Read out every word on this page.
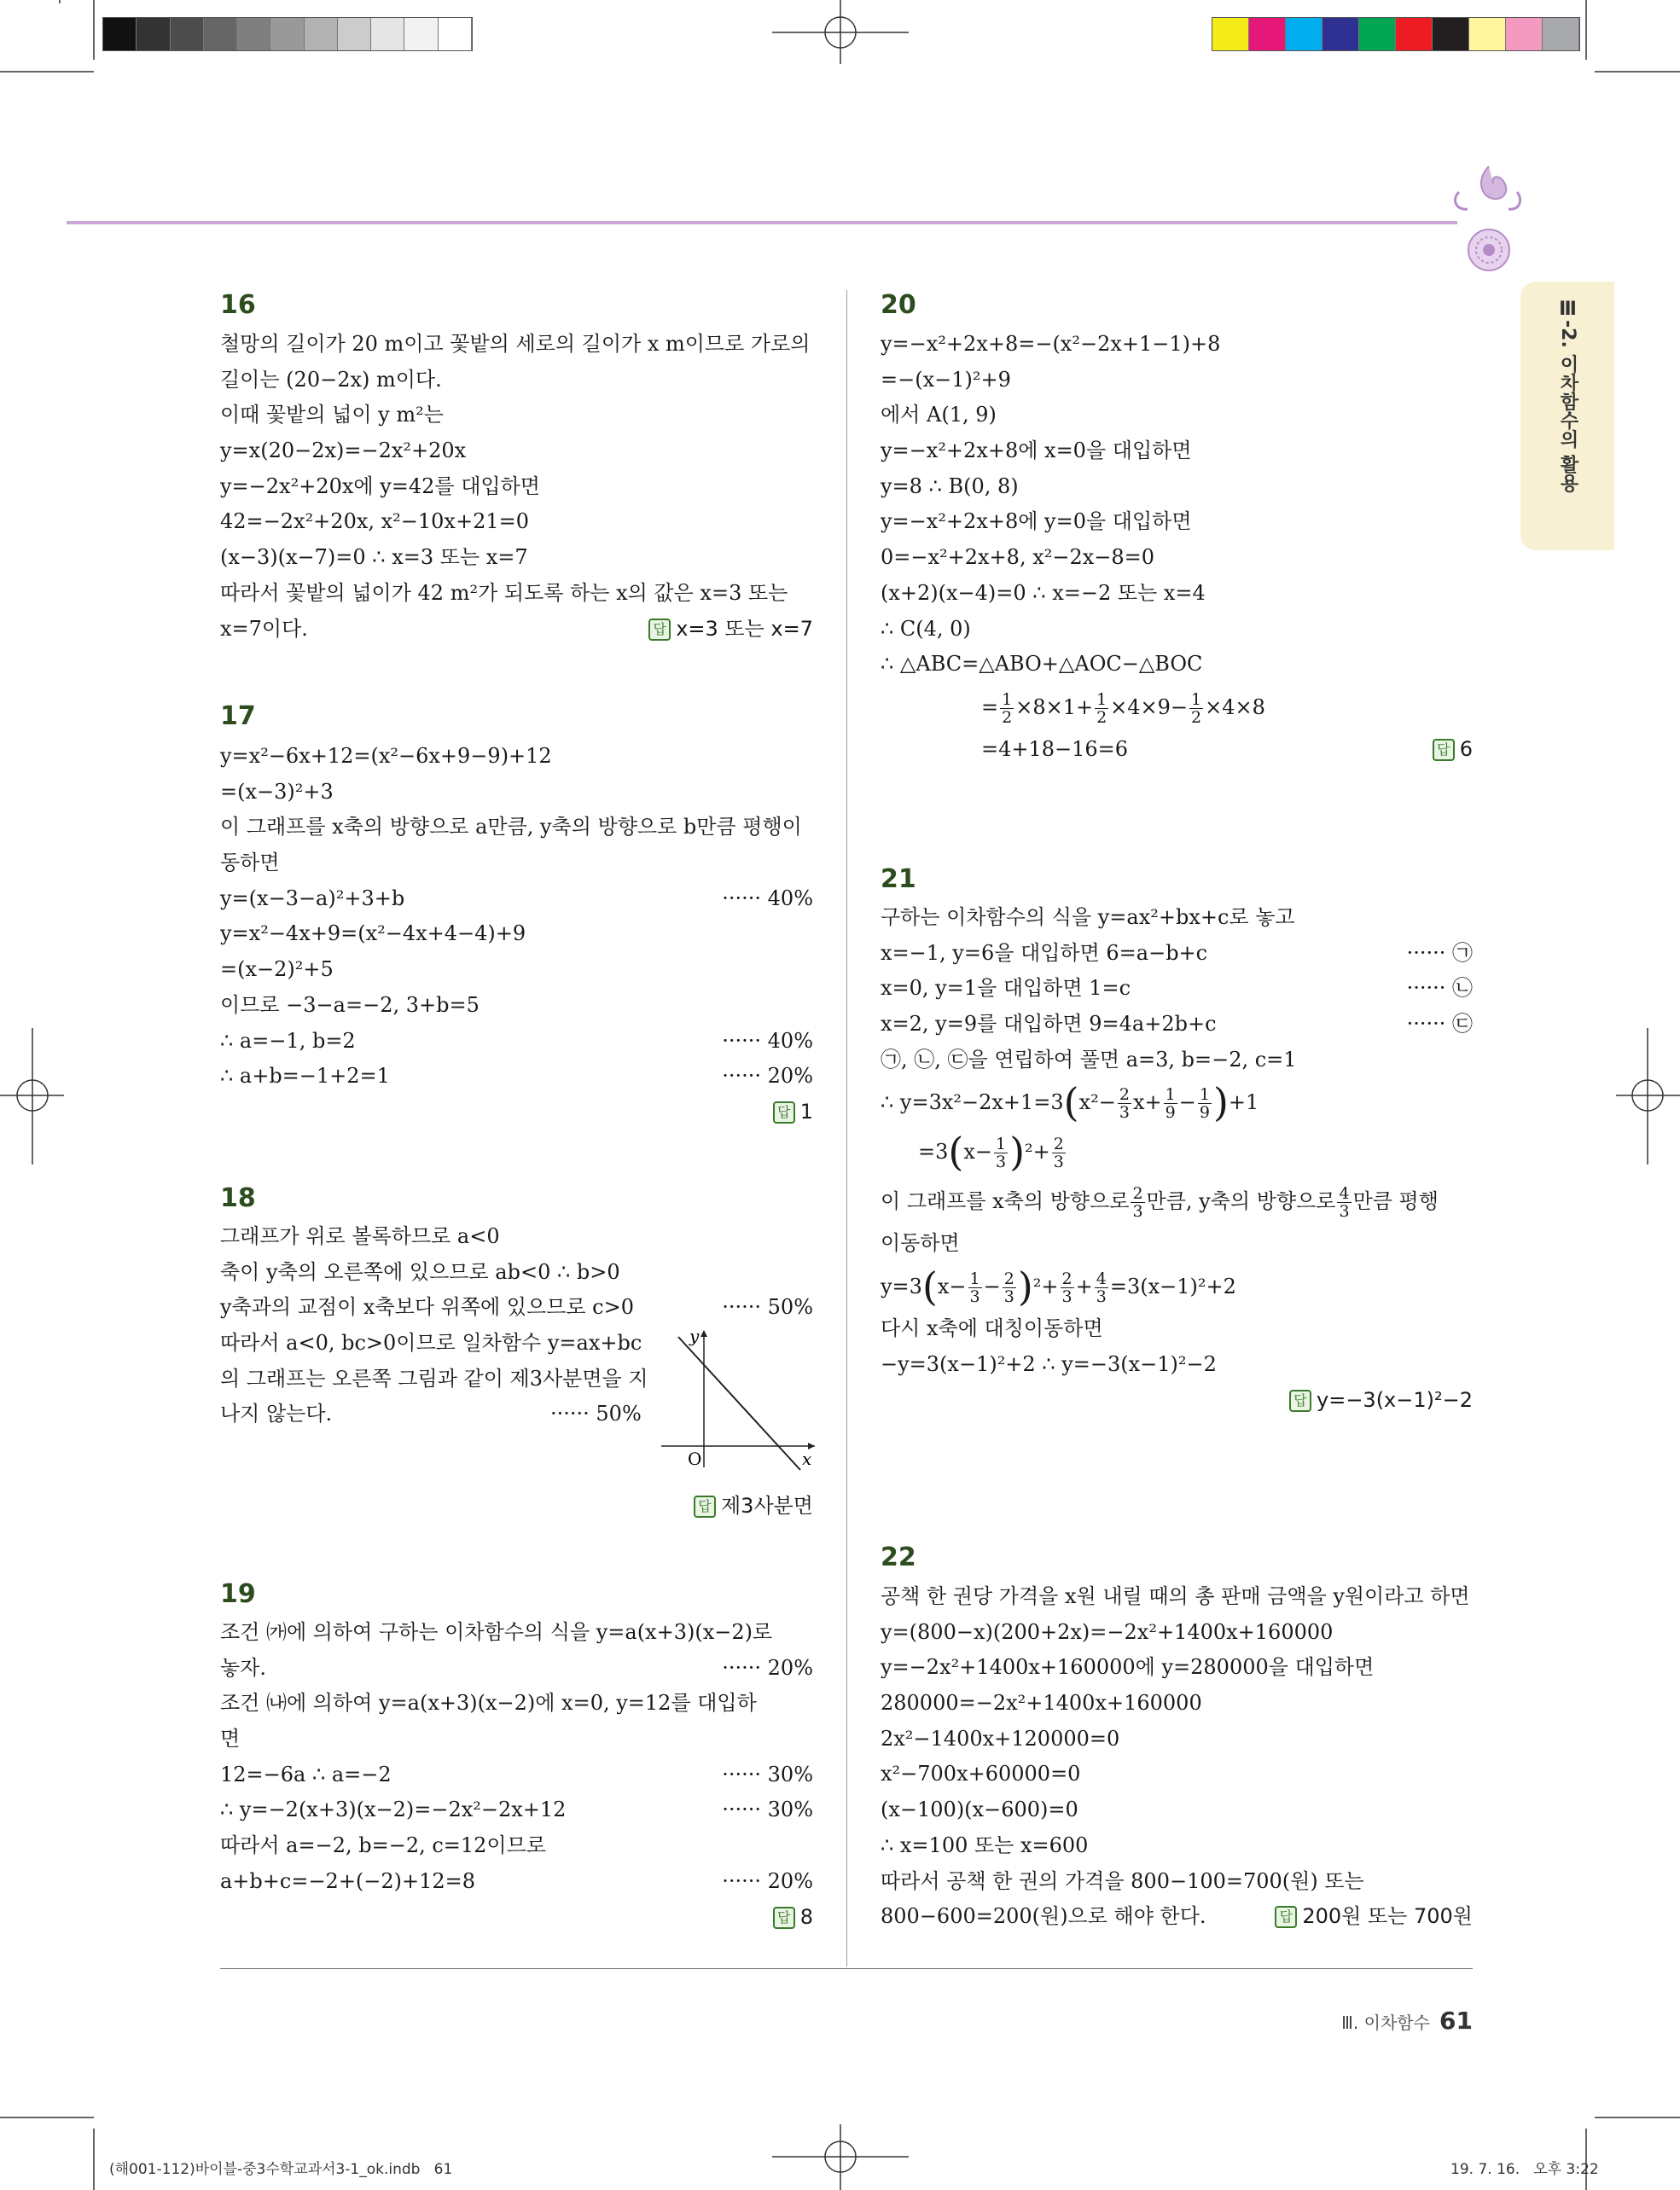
Ⅲ-2. 이차함수의 활용
16
철망의 길이가 20 m이고 꽃밭의 세로의 길이가 x m이므로 가로의
길이는 (20−2x) m이다.
이때 꽃밭의 넓이 y m²는
y=x(20−2x)=−2x²+20x
y=−2x²+20x에 y=42를 대입하면
42=−2x²+20x, x²−10x+21=0
(x−3)(x−7)=0 ∴ x=3 또는 x=7
따라서 꽃밭의 넓이가 42 m²가 되도록 하는 x의 값은 x=3 또는
x=7이다.	답 x=3 또는 x=7
17
y=x²−6x+12=(x²−6x+9−9)+12
=(x−3)²+3
이 그래프를 x축의 방향으로 a만큼, y축의 방향으로 b만큼 평행이
동하면
y=(x−3−a)²+3+b	······ 40%
y=x²−4x+9=(x²−4x+4−4)+9
=(x−2)²+5
이므로 −3−a=−2, 3+b=5
∴ a=−1, b=2	······ 40%
∴ a+b=−1+2=1	······ 20%
답 1
18
그래프가 위로 볼록하므로 a<0
축이 y축의 오른쪽에 있으므로 ab<0 ∴ b>0
y축과의 교점이 x축보다 위쪽에 있으므로 c>0	······ 50%
따라서 a<0, bc>0이므로 일차함수 y=ax+bc
의 그래프는 오른쪽 그림과 같이 제3사분면을 지
나지 않는다.	······ 50%
y
x
O
답 제3사분면
19
조건 ㈎에 의하여 구하는 이차함수의 식을 y=a(x+3)(x−2)로
놓자.	······ 20%
조건 ㈏에 의하여 y=a(x+3)(x−2)에 x=0, y=12를 대입하
면
12=−6a ∴ a=−2	······ 30%
∴ y=−2(x+3)(x−2)=−2x²−2x+12	······ 30%
따라서 a=−2, b=−2, c=12이므로
a+b+c=−2+(−2)+12=8	······ 20%
답 8
20
y=−x²+2x+8=−(x²−2x+1−1)+8
=−(x−1)²+9
에서 A(1, 9)
y=−x²+2x+8에 x=0을 대입하면
y=8 ∴ B(0, 8)
y=−x²+2x+8에 y=0을 대입하면
0=−x²+2x+8, x²−2x−8=0
(x+2)(x−4)=0 ∴ x=−2 또는 x=4
∴ C(4, 0)
∴ △ABC=△ABO+△AOC−△BOC
= $\frac{1}{2} \times 8\times 1+ \frac{1}{2} \times 4\times 9- \frac{1}{2} \times 4\times 8$
=4+18−16=6	답 6
21
구하는 이차함수의 식을 y=ax²+bx+c로 놓고
x=−1, y=6을 대입하면 6=a−b+c	······ ㉠
x=0, y=1을 대입하면 1=c	······ ㉡
x=2, y=9를 대입하면 9=4a+2b+c	······ ㉢
㉠, ㉡, ㉢을 연립하여 풀면 a=3, b=−2, c=1
∴ $y=3x^2-2x+1=3(x^2- \frac{2}{3} x+ \frac{1}{9} - \frac{1}{9} )+1$
$=3(x- \frac{1}{3} )^2+ \frac{2}{3}$
이 그래프를 x축의 방향으로 $\frac{2}{3}$ 만큼, y축의 방향으로 $\frac{4}{3}$ 만큼 평행
이동하면
$y=3(x- \frac{1}{3} - \frac{2}{3} )^2+ \frac{2}{3} + \frac{4}{3} =3(x-1)^2+2$
다시 x축에 대칭이동하면
−y=3(x−1)²+2 ∴ y=−3(x−1)²−2
답 y=−3(x−1)²−2
22
공책 한 권당 가격을 x원 내릴 때의 총 판매 금액을 y원이라고 하면
y=(800−x)(200+2x)=−2x²+1400x+160000
y=−2x²+1400x+160000에 y=280000을 대입하면
280000=−2x²+1400x+160000
2x²−1400x+120000=0
x²−700x+60000=0
(x−100)(x−600)=0
∴ x=100 또는 x=600
따라서 공책 한 권의 가격을 800−100=700(원) 또는
800−600=200(원)으로 해야 한다.	답 200원 또는 700원
Ⅲ. 이차함수 61
(해001-112)바이블-중3수학교과서3-1_ok.indb   61	19. 7. 16.   오후 3:22
